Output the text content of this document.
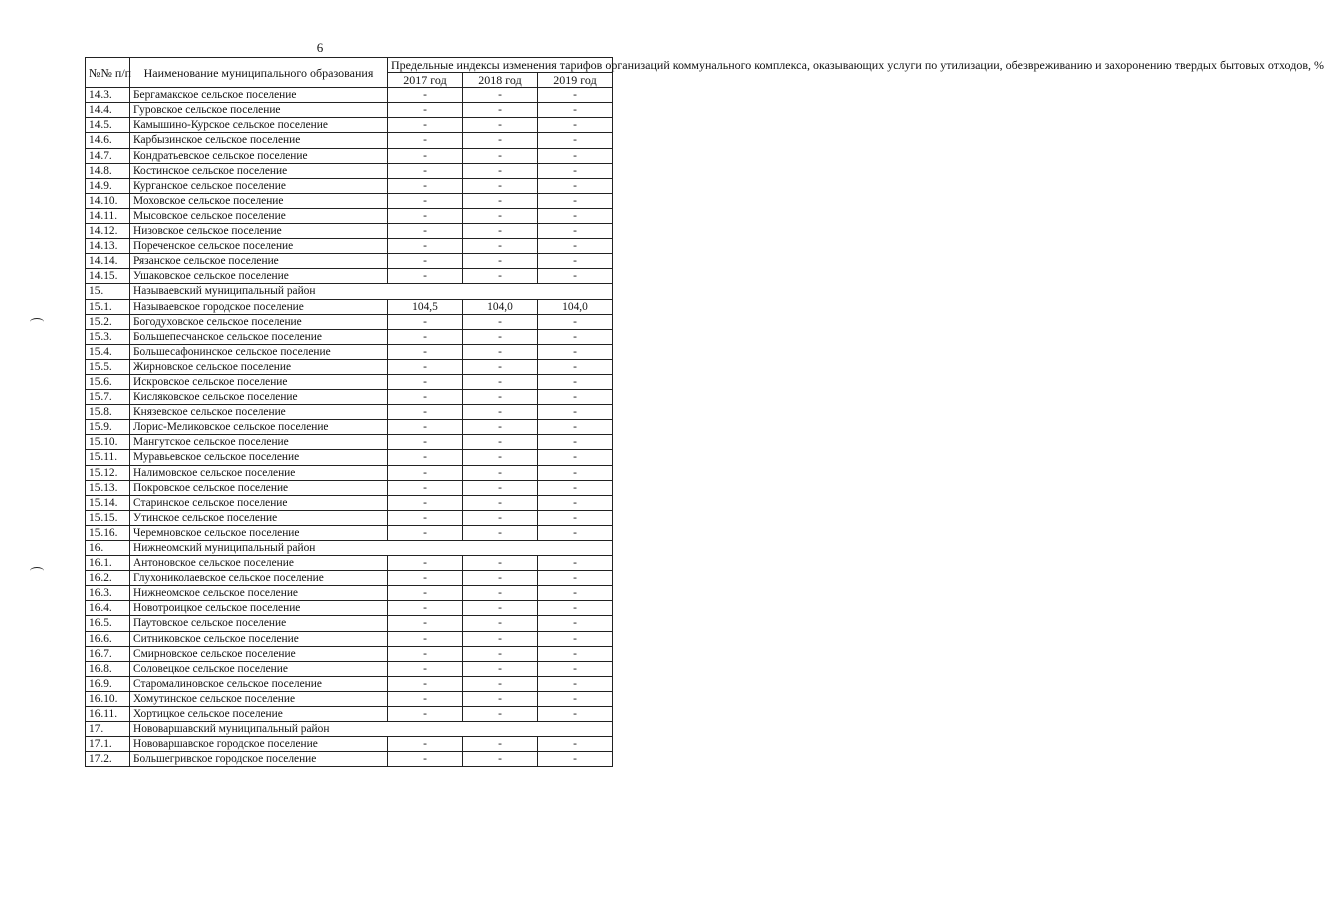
6
№№ п/п	Наименование муниципального образования	Предельные индексы изменения тарифов организаций коммунального комплекса, оказывающих услуги по утилизации, обезвреживанию и захоронению твердых бытовых отходов, %		
		2017 год	2018 год	2019 год
14.3.	Бергамакское сельское поселение	-	-	-
14.4.	Гуровское сельское поселение	-	-	-
14.5.	Камышино-Курское сельское поселение	-	-	-
14.6.	Карбызинское сельское поселение	-	-	-
14.7.	Кондратьевское сельское поселение	-	-	-
14.8.	Костинское сельское поселение	-	-	-
14.9.	Курганское сельское поселение	-	-	-
14.10.	Моховское сельское поселение	-	-	-
14.11.	Мысовское сельское поселение	-	-	-
14.12.	Низовское сельское поселение	-	-	-
14.13.	Пореченское сельское поселение	-	-	-
14.14.	Рязанское сельское поселение	-	-	-
14.15.	Ушаковское сельское поселение	-	-	-
15.	Называевский муниципальный район			
15.1.	Называевское городское поселение	104,5	104,0	104,0
15.2.	Богодуховское сельское поселение	-	-	-
15.3.	Большепесчанское сельское поселение	-	-	-
15.4.	Большесафонинское сельское поселение	-	-	-
15.5.	Жирновское сельское поселение	-	-	-
15.6.	Искровское сельское поселение	-	-	-
15.7.	Кисляковское сельское поселение	-	-	-
15.8.	Князевское сельское поселение	-	-	-
15.9.	Лорис-Меликовское сельское поселение	-	-	-
15.10.	Мангутское сельское поселение	-	-	-
15.11.	Муравьевское сельское поселение	-	-	-
15.12.	Налимовское сельское поселение	-	-	-
15.13.	Покровское сельское поселение	-	-	-
15.14.	Старинское сельское поселение	-	-	-
15.15.	Утинское сельское поселение	-	-	-
15.16.	Черемновское сельское поселение	-	-	-
16.	Нижнеомский муниципальный район			
16.1.	Антоновское сельское поселение	-	-	-
16.2.	Глухониколаевское сельское поселение	-	-	-
16.3.	Нижнеомское сельское поселение	-	-	-
16.4.	Новотроицкое сельское поселение	-	-	-
16.5.	Паутовское сельское поселение	-	-	-
16.6.	Ситниковское сельское поселение	-	-	-
16.7.	Смирновское сельское поселение	-	-	-
16.8.	Соловецкое сельское поселение	-	-	-
16.9.	Старомалиновское сельское поселение	-	-	-
16.10.	Хомутинское сельское поселение	-	-	-
16.11.	Хортицкое сельское поселение	-	-	-
17.	Нововаршавский муниципальный район			
17.1.	Нововаршавское городское поселение	-	-	-
17.2.	Большегривское городское поселение	-	-	-
